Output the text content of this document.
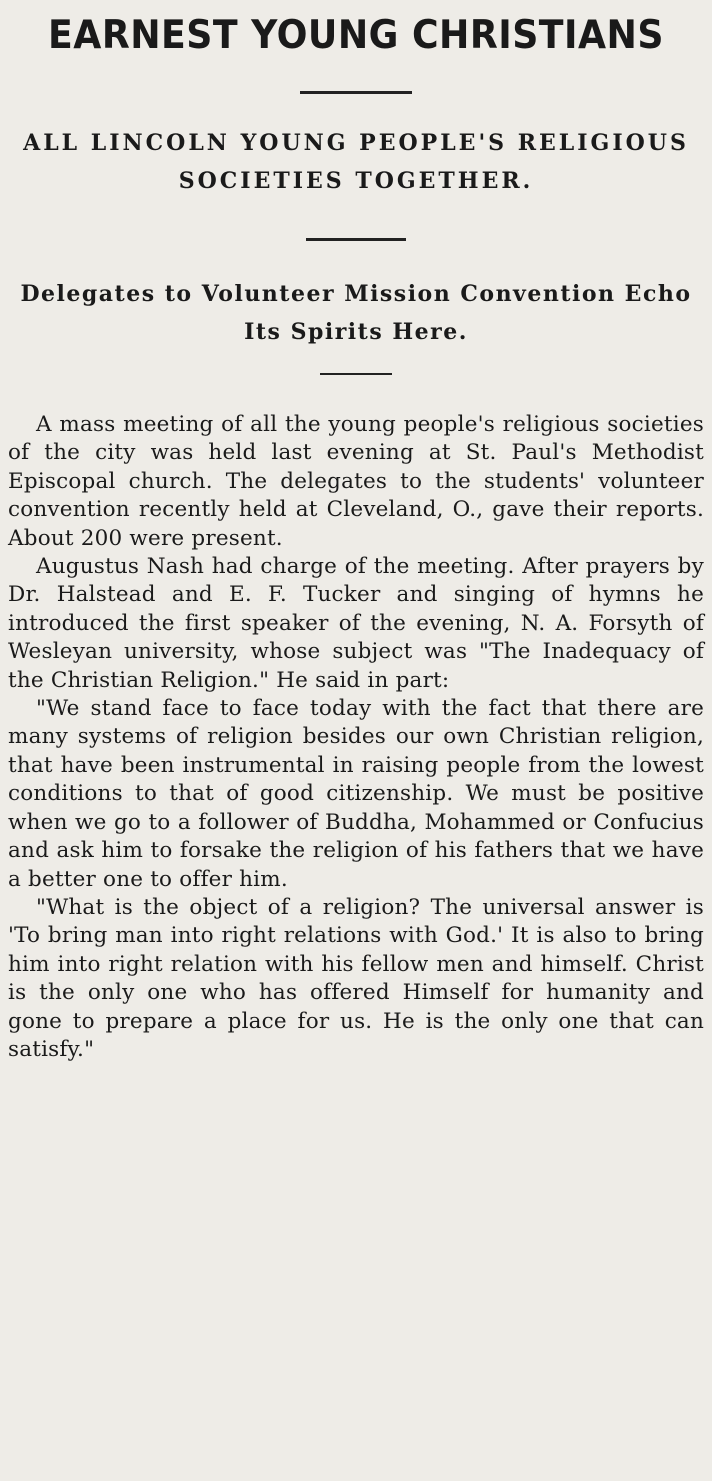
EARNEST YOUNG CHRISTIANS
ALL LINCOLN YOUNG PEOPLE'S RELIGIOUS SOCIETIES TOGETHER.
Delegates to Volunteer Mission Convention Echo Its Spirits Here.

A mass meeting of all the young people's religious societies of the city was held last evening at St. Paul's Methodist Episcopal church. The delegates to the students' volunteer convention recently held at Cleveland, O., gave their reports. About 200 were present.

Augustus Nash had charge of the meeting. After prayers by Dr. Halstead and E. F. Tucker and singing of hymns he introduced the first speaker of the evening, N. A. Forsyth of Wesleyan university, whose subject was "The Inadequacy of the Christian Religion." He said in part:

"We stand face to face today with the fact that there are many systems of religion besides our own Christian religion, that have been instrumental in raising people from the lowest conditions to that of good citizenship. We must be positive when we go to a follower of Buddha, Mohammed or Confucius and ask him to forsake the religion of his fathers that we have a better one to offer him.

"What is the object of a religion? The universal answer is 'To bring man into right relations with God.' It is also to bring him into right relation with his fellow men and himself. Christ is the only one who has offered Himself for humanity and gone to prepare a place for us. He is the only one that can satisfy."
